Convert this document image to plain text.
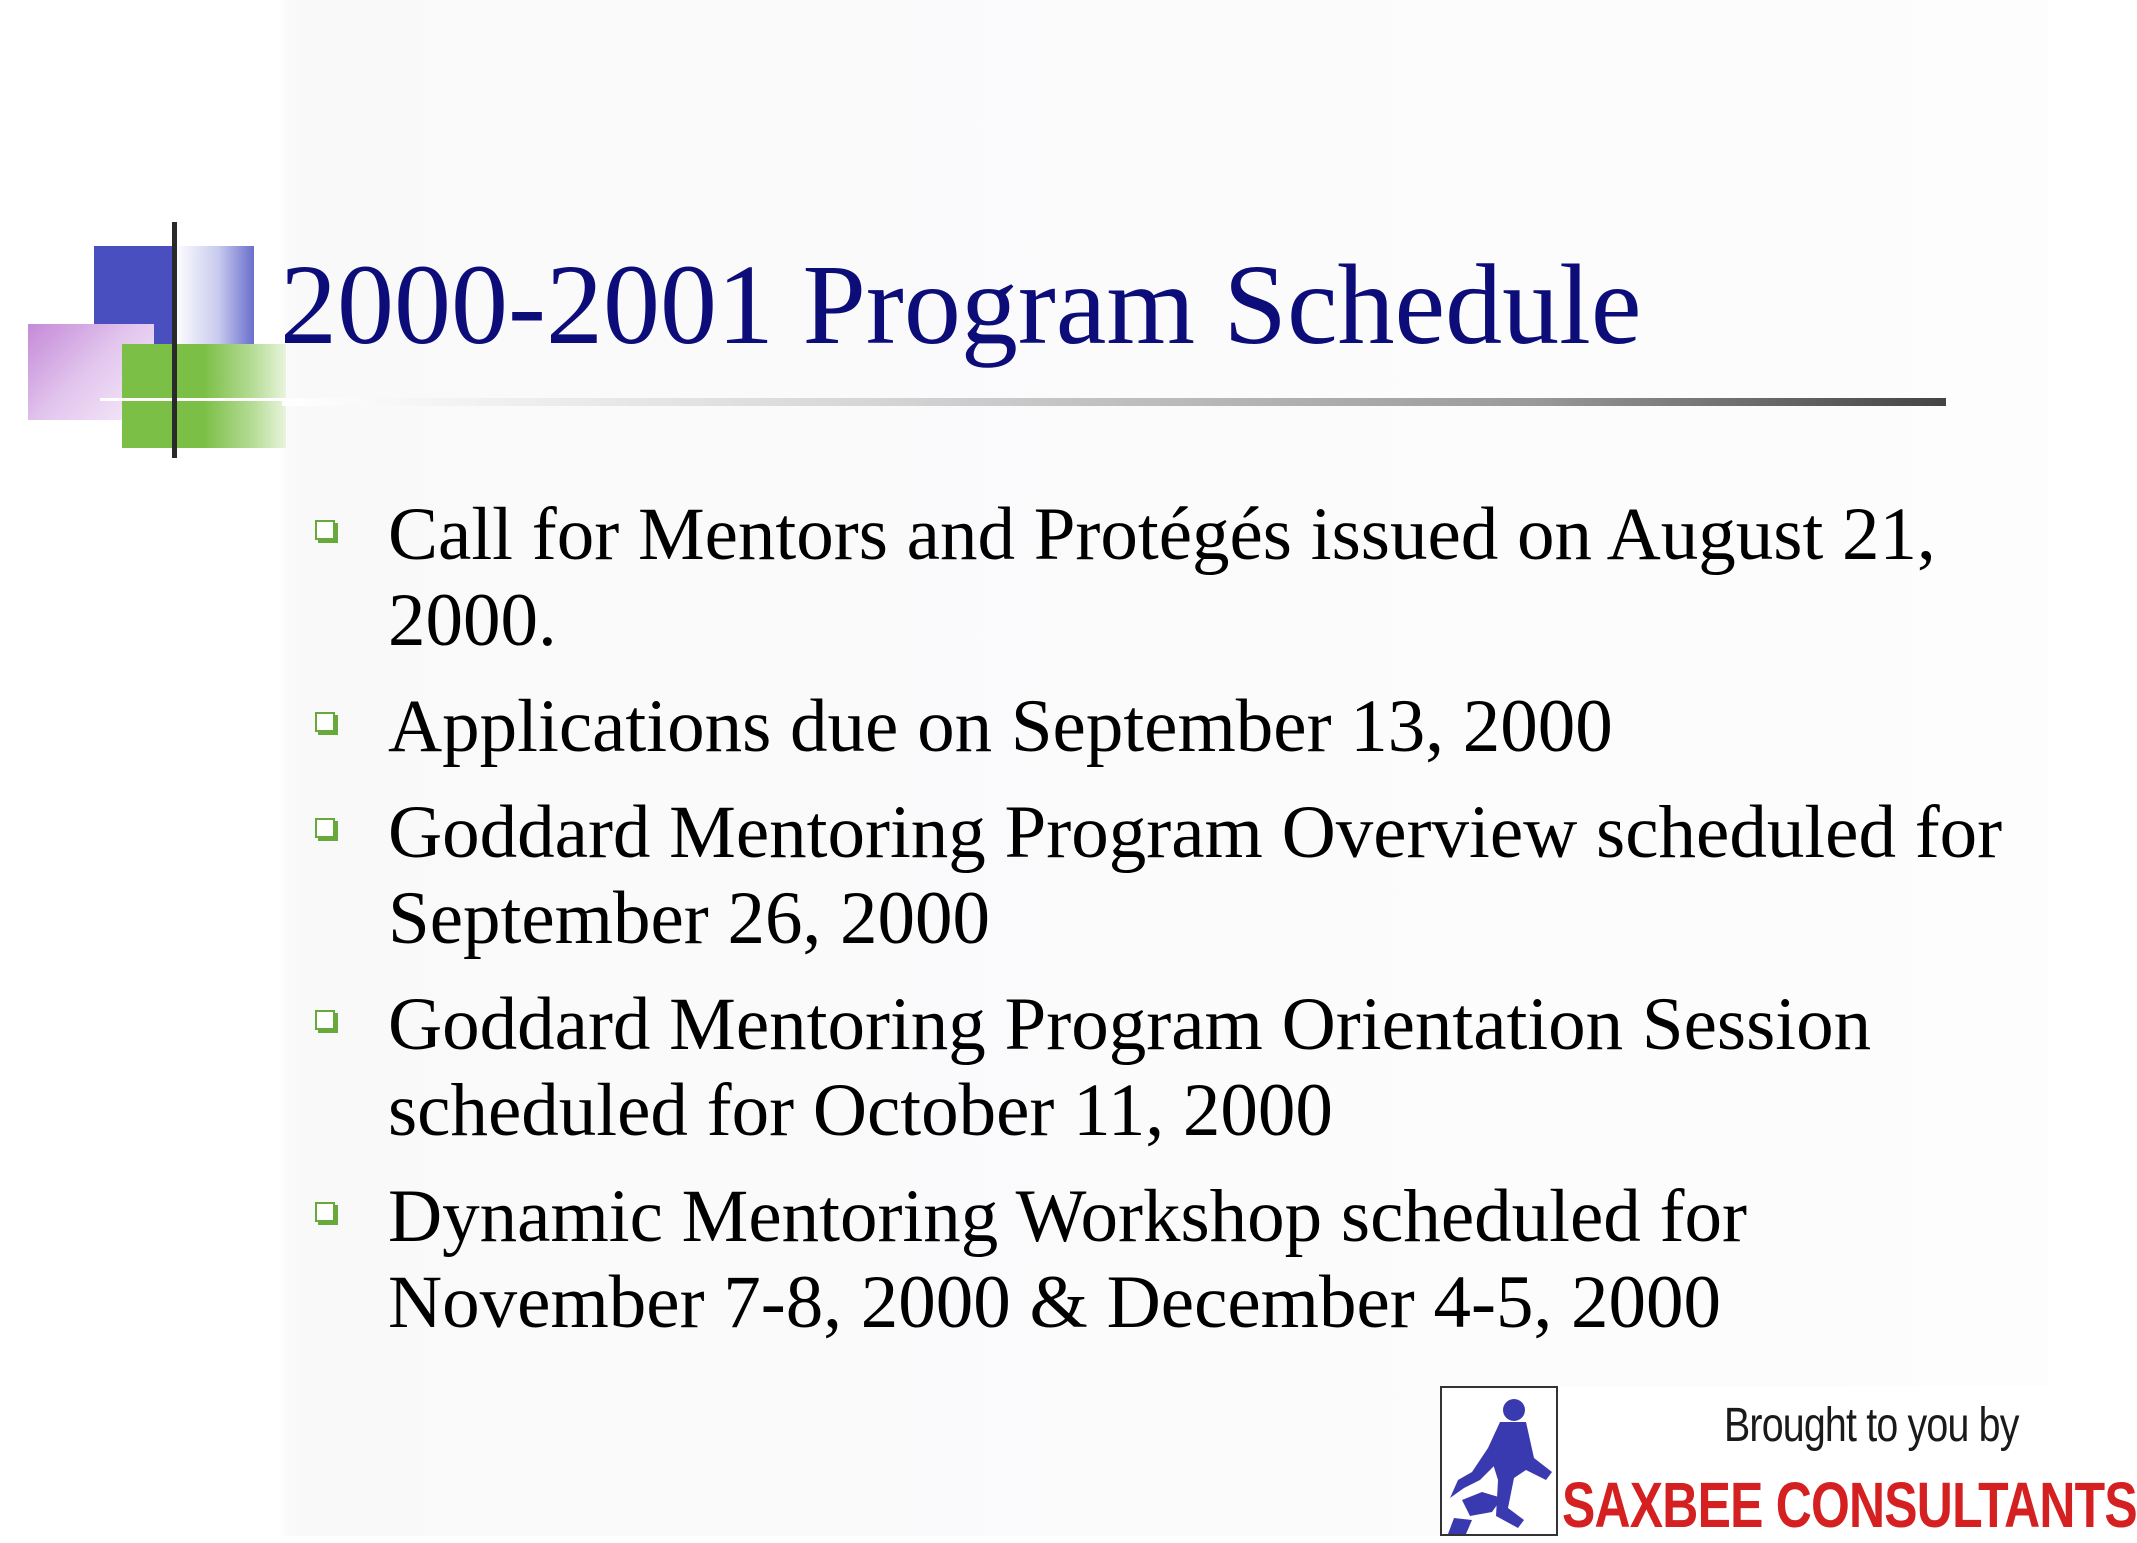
2000-2001 Program Schedule
Call for Mentors and Protégés issued on August 21, 2000.
Applications due on September 13, 2000
Goddard Mentoring Program Overview scheduled for September 26, 2000
Goddard Mentoring Program Orientation Session scheduled for October 11, 2000
Dynamic Mentoring Workshop scheduled for November 7-8, 2000 & December 4-5, 2000
Brought to you by
SAXBEE CONSULTANTS
